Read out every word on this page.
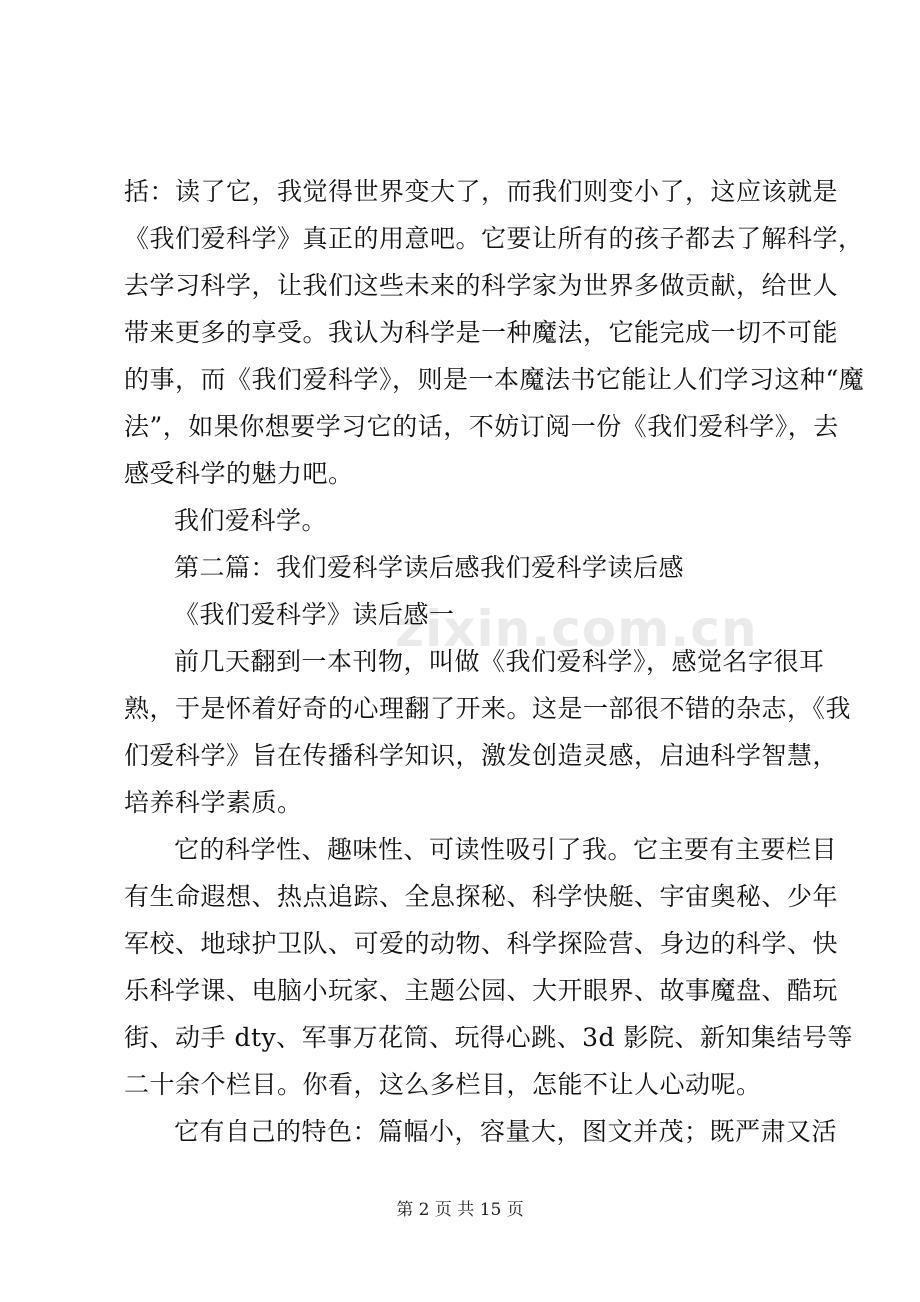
zixin.com.cn
括：读了它，我觉得世界变大了，而我们则变小了，这应该就是
《我们爱科学》真正的用意吧。它要让所有的孩子都去了解科学，
去学习科学，让我们这些未来的科学家为世界多做贡献，给世人
带来更多的享受。我认为科学是一种魔法，它能完成一切不可能
的事，而《我们爱科学》，则是一本魔法书它能让人们学习这种“魔
法”，如果你想要学习它的话，不妨订阅一份《我们爱科学》，去
感受科学的魅力吧。
我们爱科学。
第二篇：我们爱科学读后感我们爱科学读后感
《我们爱科学》读后感一
前几天翻到一本刊物，叫做《我们爱科学》，感觉名字很耳
熟，于是怀着好奇的心理翻了开来。这是一部很不错的杂志，《我
们爱科学》旨在传播科学知识，激发创造灵感，启迪科学智慧，
培养科学素质。
它的科学性、趣味性、可读性吸引了我。它主要有主要栏目
有生命遐想、热点追踪、全息探秘、科学快艇、宇宙奥秘、少年
军校、地球护卫队、可爱的动物、科学探险营、身边的科学、快
乐科学课、电脑小玩家、主题公园、大开眼界、故事魔盘、酷玩
街、动手 dty、军事万花筒、玩得心跳、3d 影院、新知集结号等
二十余个栏目。你看，这么多栏目，怎能不让人心动呢。
它有自己的特色：篇幅小，容量大，图文并茂；既严肃又活
第 2 页 共 15 页
